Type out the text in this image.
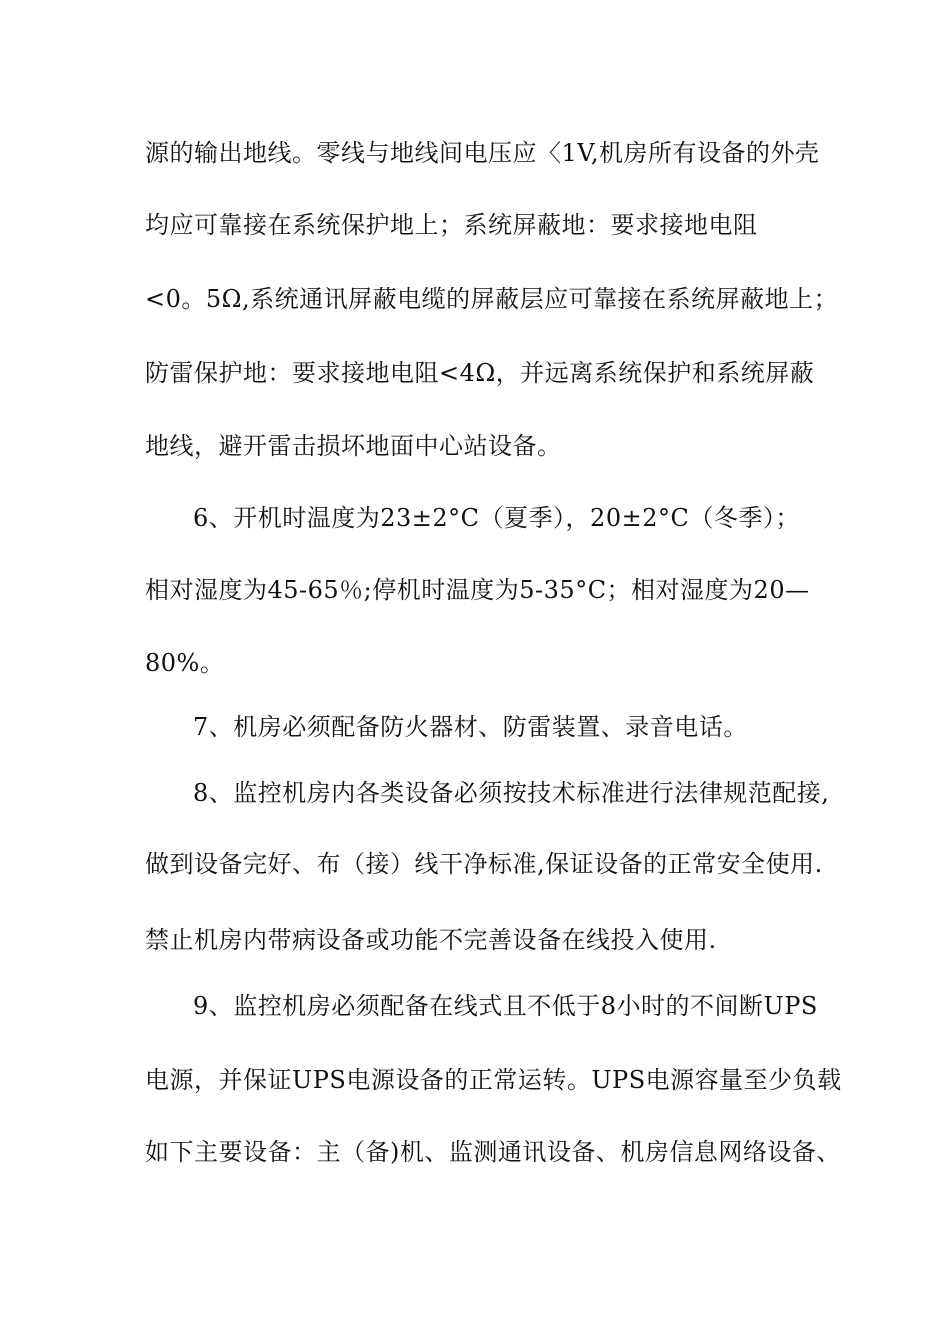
源的输出地线。零线与地线间电压应〈1V,机房所有设备的外壳
均应可靠接在系统保护地上；系统屏蔽地：要求接地电阻
<0。5Ω,系统通讯屏蔽电缆的屏蔽层应可靠接在系统屏蔽地上；
防雷保护地：要求接地电阻<4Ω，并远离系统保护和系统屏蔽
地线，避开雷击损坏地面中心站设备。
6、开机时温度为23±2°C（夏季），20±2°C（冬季）；
相对湿度为45-65％;停机时温度为5-35°C；相对湿度为20—
80%。
7、机房必须配备防火器材、防雷装置、录音电话。
8、监控机房内各类设备必须按技术标准进行法律规范配接,
做到设备完好、布（接）线干净标准,保证设备的正常安全使用.
禁止机房内带病设备或功能不完善设备在线投入使用.
9、监控机房必须配备在线式且不低于8小时的不间断UPS
电源，并保证UPS电源设备的正常运转。UPS电源容量至少负载
如下主要设备：主（备)机、监测通讯设备、机房信息网络设备、
